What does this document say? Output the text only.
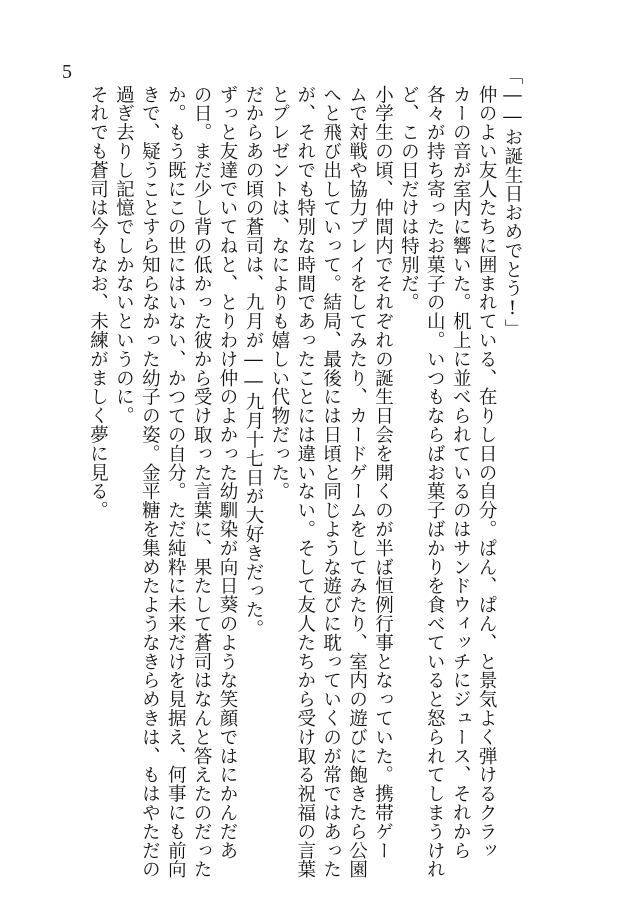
5	「――お誕生日おめでとう!」
仲のよい友人たちに囲まれている、在りし日の自分。ぱん、ぱん、と景気よく弾けるクラッ
カーの音が室内に響いた。机上に並べられているのはサンドウィッチにジュース、それから
各々が持ち寄ったお菓子の山。いつもならばお菓子ばかりを食べていると怒られてしまうけれ
ど、この日だけは特別だ。
小学生の頃、仲間内でそれぞれの誕生日会を開くのが半ば恒例行事となっていた。携帯ゲー
ムで対戦や協力プレイをしてみたり、カードゲームをしてみたり、室内の遊びに飽きたら公園
へと飛び出していって。結局、最後には日頃と同じような遊びに耽っていくのが常ではあった
が、それでも特別な時間であったことには違いない。そして友人たちから受け取る祝福の言葉
とプレゼントは、なによりも嬉しい代物だった。
だからあの頃の蒼司は、九月が――九月十七日が大好きだった。
ずっと友達でいてねと、とりわけ仲のよかった幼馴染が向日葵のような笑顔ではにかんだあ
の日。まだ少し背の低かった彼から受け取った言葉に、果たして蒼司はなんと答えたのだった
か。もう既にこの世にはいない、かつての自分。ただ純粋に未来だけを見据え、何事にも前向
きで、疑うことすら知らなかった幼子の姿。金平糖を集めたようなきらめきは、もはやただの
過ぎ去りし記憶でしかないというのに。
それでも蒼司は今もなお、未練がましく夢に見る。
